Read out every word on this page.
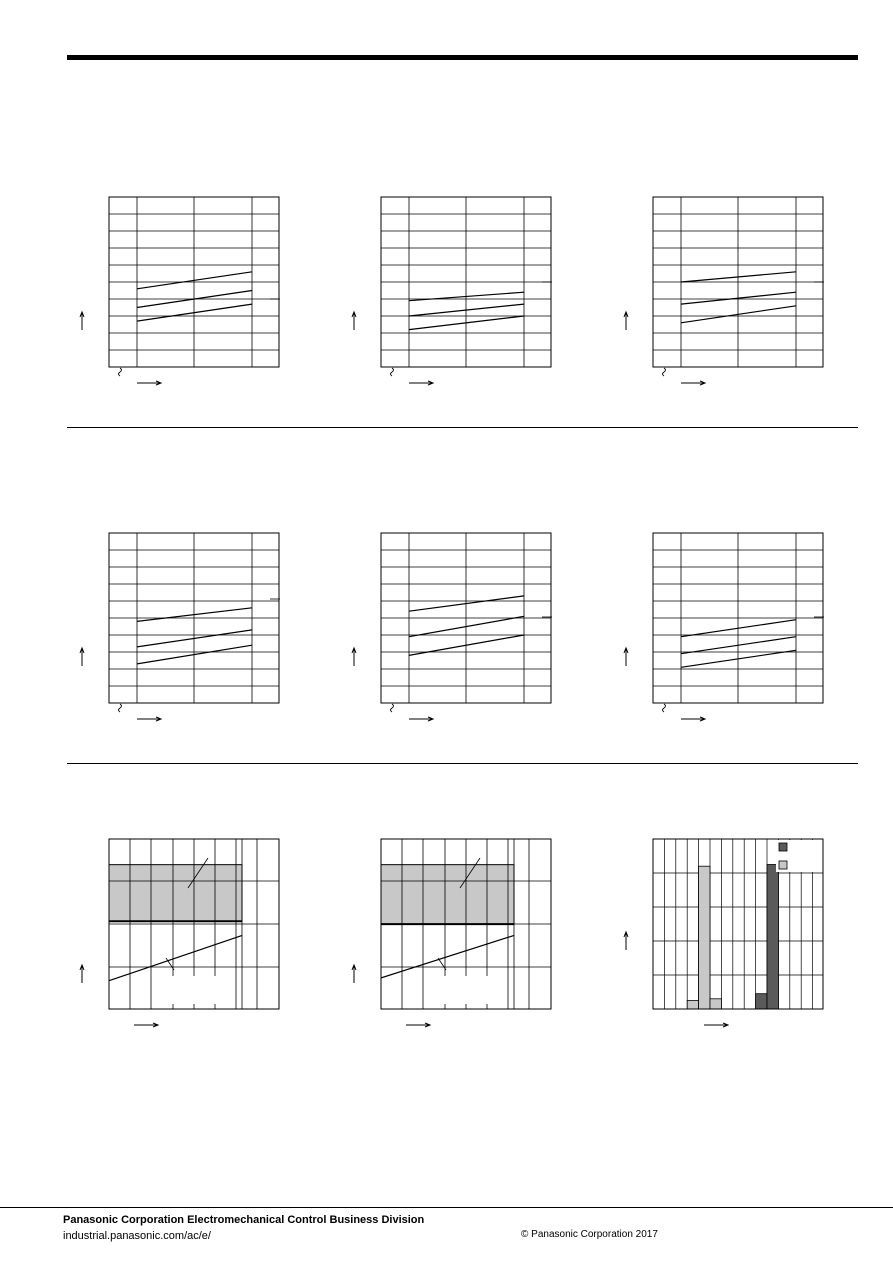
Panasonic Corporation Electromechanical Control Business Division
industrial.panasonic.com/ac/e/	© Panasonic Corporation 2017
